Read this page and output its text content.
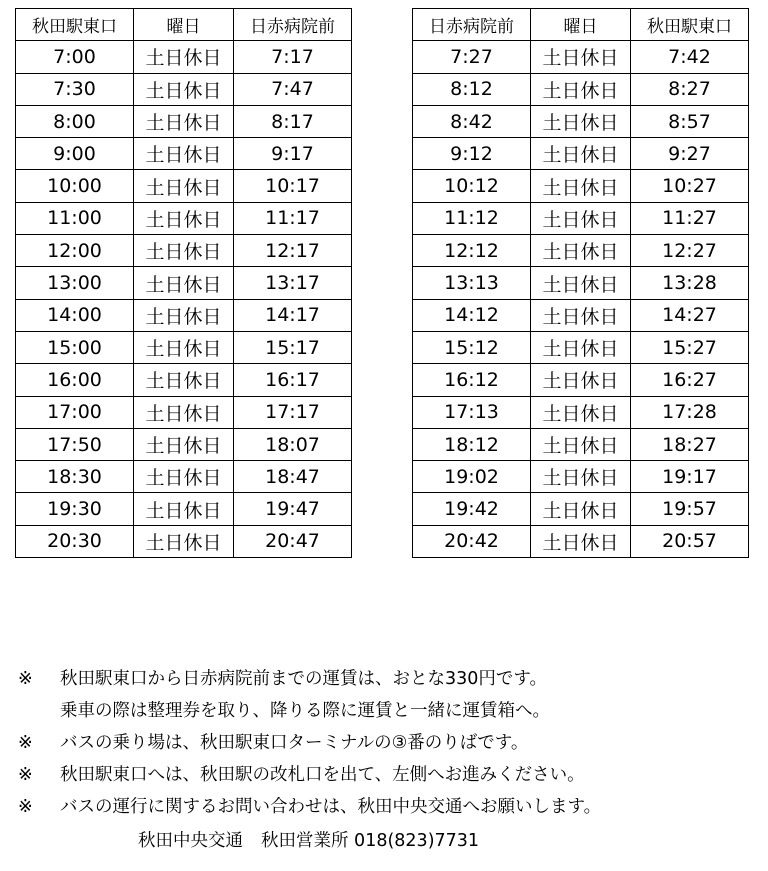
秋田駅東口	曜日	日赤病院前
7:00	土日休日	7:17
7:30	土日休日	7:47
8:00	土日休日	8:17
9:00	土日休日	9:17
10:00	土日休日	10:17
11:00	土日休日	11:17
12:00	土日休日	12:17
13:00	土日休日	13:17
14:00	土日休日	14:17
15:00	土日休日	15:17
16:00	土日休日	16:17
17:00	土日休日	17:17
17:50	土日休日	18:07
18:30	土日休日	18:47
19:30	土日休日	19:47
20:30	土日休日	20:47
日赤病院前	曜日	秋田駅東口
7:27	土日休日	7:42
8:12	土日休日	8:27
8:42	土日休日	8:57
9:12	土日休日	9:27
10:12	土日休日	10:27
11:12	土日休日	11:27
12:12	土日休日	12:27
13:13	土日休日	13:28
14:12	土日休日	14:27
15:12	土日休日	15:27
16:12	土日休日	16:27
17:13	土日休日	17:28
18:12	土日休日	18:27
19:02	土日休日	19:17
19:42	土日休日	19:57
20:42	土日休日	20:57
※ 秋田駅東口から日赤病院前までの運賃は、おとな330円です。
乗車の際は整理券を取り、降りる際に運賃と一緒に運賃箱へ。
※ バスの乗り場は、秋田駅東口ターミナルの③番のりばです。
※ 秋田駅東口へは、秋田駅の改札口を出て、左側へお進みください。
※ バスの運行に関するお問い合わせは、秋田中央交通へお願いします。
秋田中央交通 秋田営業所 018(823)7731
